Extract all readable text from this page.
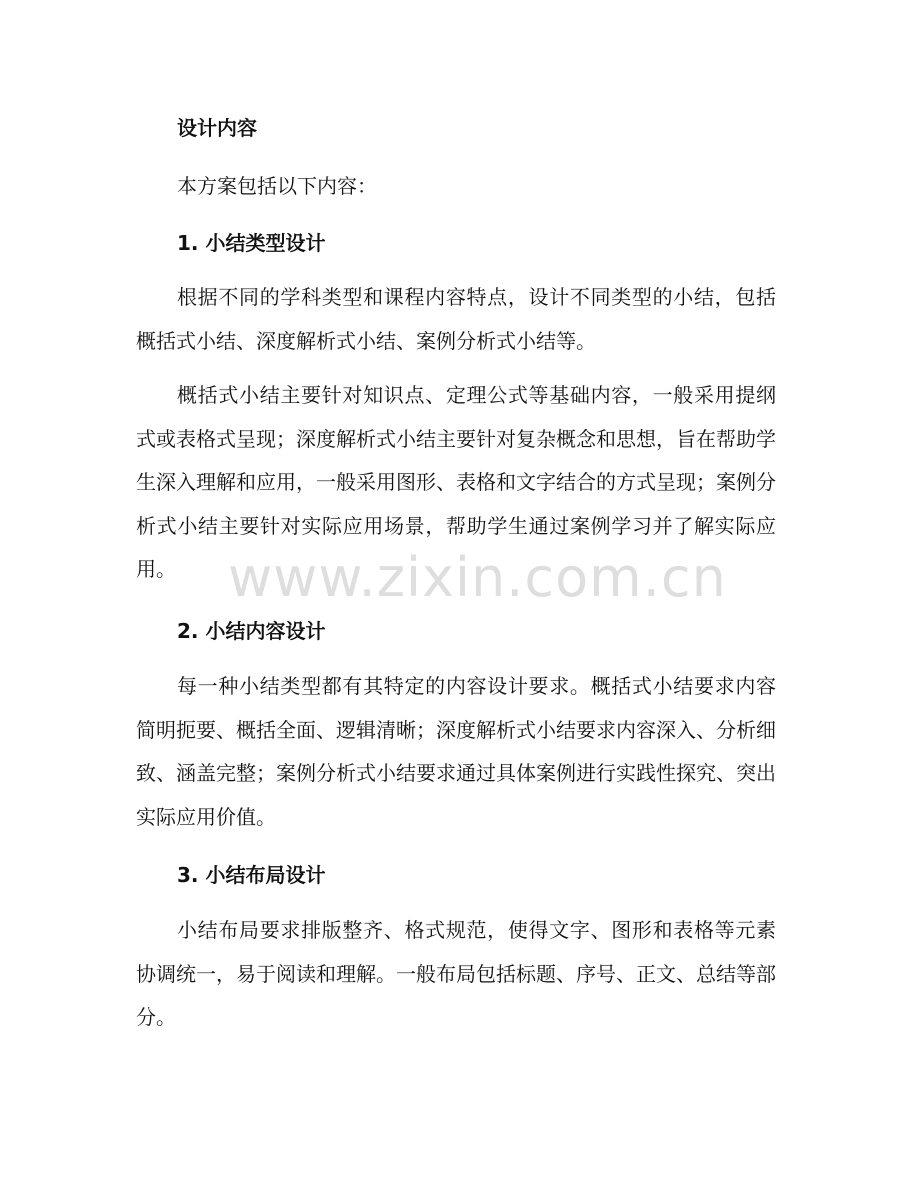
设计内容
本方案包括以下内容：
1. 小结类型设计

根据不同的学科类型和课程内容特点，设计不同类型的小结，包括概括式小结、深度解析式小结、案例分析式小结等。

概括式小结主要针对知识点、定理公式等基础内容，一般采用提纲式或表格式呈现；深度解析式小结主要针对复杂概念和思想，旨在帮助学生深入理解和应用，一般采用图形、表格和文字结合的方式呈现；案例分析式小结主要针对实际应用场景，帮助学生通过案例学习并了解实际应用。

2. 小结内容设计

每一种小结类型都有其特定的内容设计要求。概括式小结要求内容简明扼要、概括全面、逻辑清晰；深度解析式小结要求内容深入、分析细致、涵盖完整；案例分析式小结要求通过具体案例进行实践性探究、突出实际应用价值。

3. 小结布局设计

小结布局要求排版整齐、格式规范，使得文字、图形和表格等元素协调统一，易于阅读和理解。一般布局包括标题、序号、正文、总结等部分。

www.zixin.com.cn
